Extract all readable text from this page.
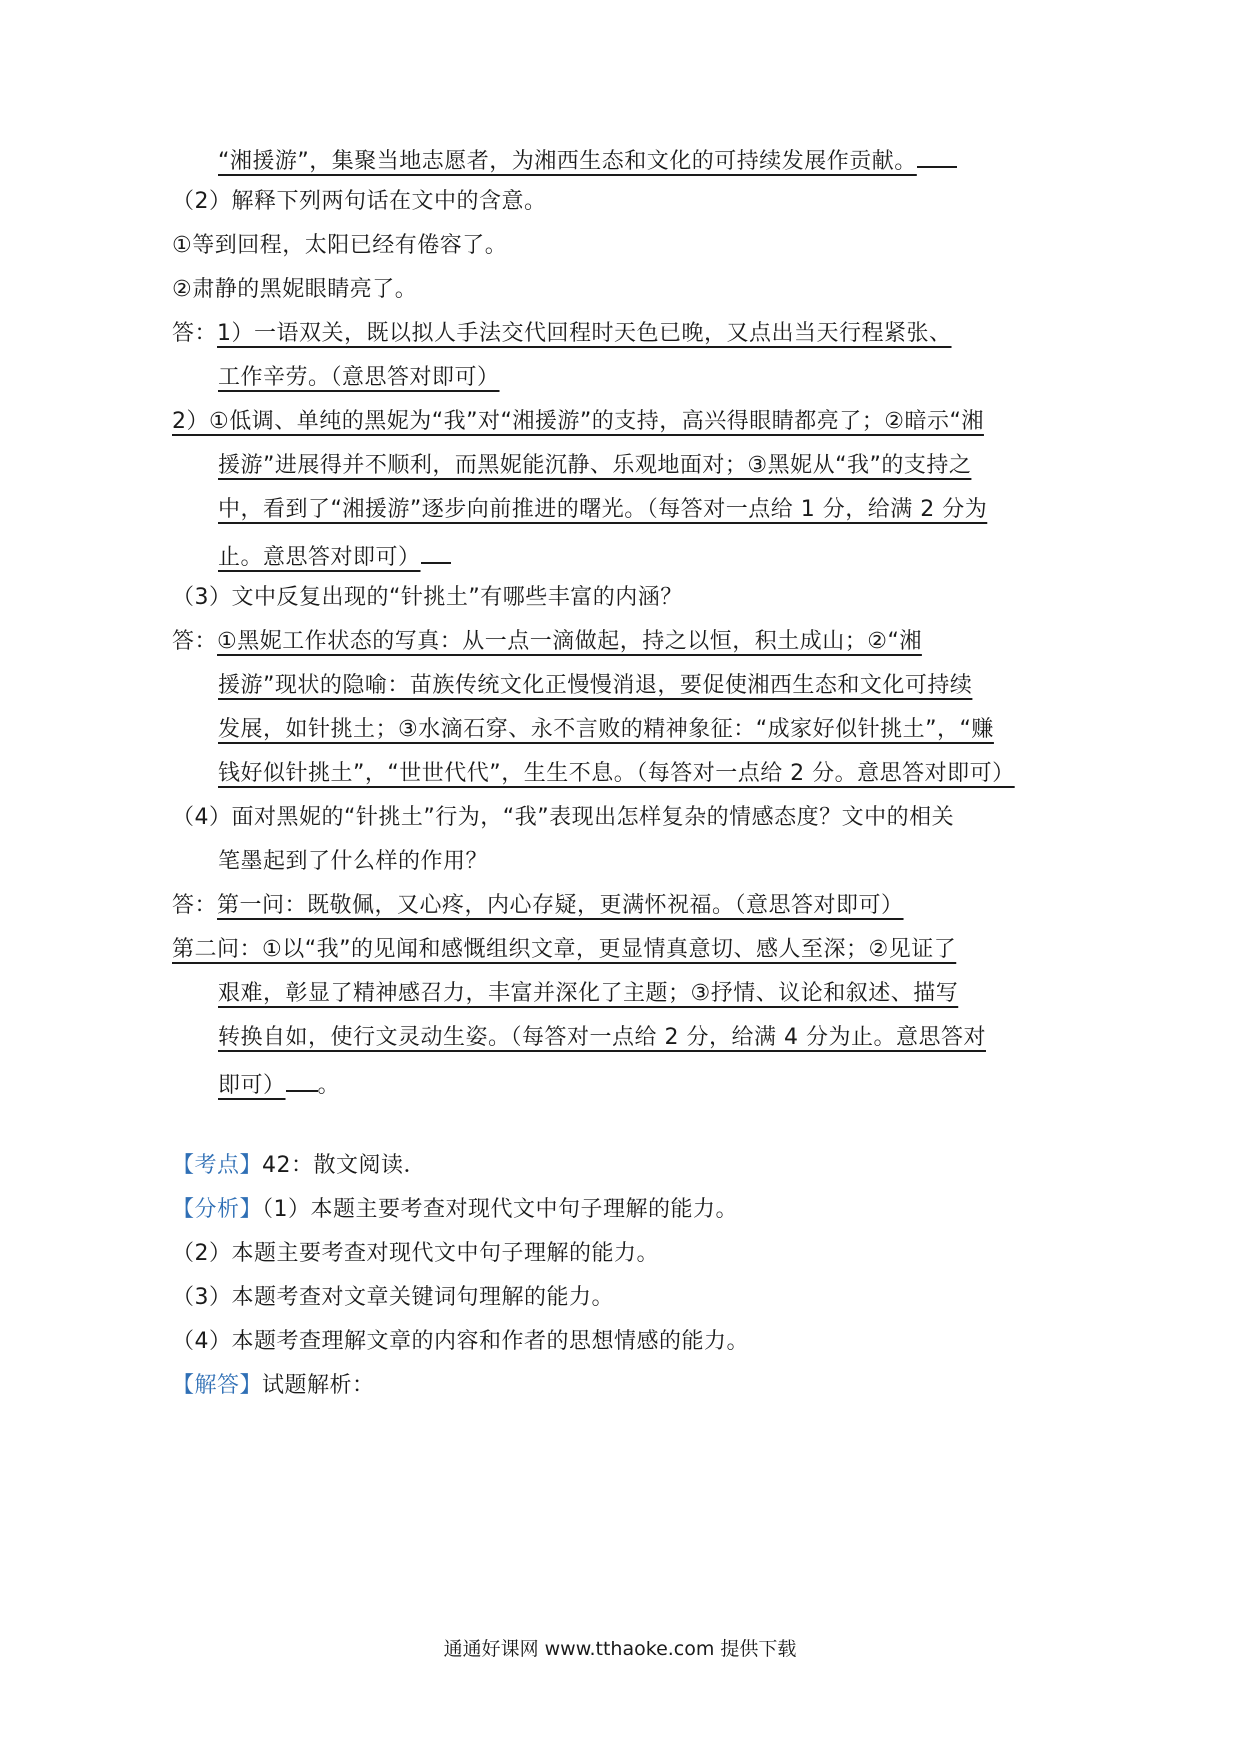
“湘援游”，集聚当地志愿者，为湘西生态和文化的可持续发展作贡献。
（2）解释下列两句话在文中的含意。
①等到回程，太阳已经有倦容了。
②肃静的黑妮眼睛亮了。
答：1）一语双关，既以拟人手法交代回程时天色已晚，又点出当天行程紧张、
工作辛劳。（意思答对即可）
2）①低调、单纯的黑妮为“我”对“湘援游”的支持，高兴得眼睛都亮了；②暗示“湘
援游”进展得并不顺利，而黑妮能沉静、乐观地面对；③黑妮从“我”的支持之
中，看到了“湘援游”逐步向前推进的曙光。（每答对一点给 1 分，给满 2 分为
止。意思答对即可）
（3）文中反复出现的“针挑土”有哪些丰富的内涵？
答：①黑妮工作状态的写真：从一点一滴做起，持之以恒，积土成山；②“湘
援游”现状的隐喻：苗族传统文化正慢慢消退，要促使湘西生态和文化可持续
发展，如针挑土；③水滴石穿、永不言败的精神象征：“成家好似针挑土”，“赚
钱好似针挑土”，“世世代代”，生生不息。（每答对一点给 2 分。意思答对即可）
（4）面对黑妮的“针挑土”行为，“我”表现出怎样复杂的情感态度？文中的相关
笔墨起到了什么样的作用？
答：第一问：既敬佩，又心疼，内心存疑，更满怀祝福。（意思答对即可）
第二问：①以“我”的见闻和感慨组织文章，更显情真意切、感人至深；②见证了
艰难，彰显了精神感召力，丰富并深化了主题；③抒情、议论和叙述、描写
转换自如，使行文灵动生姿。（每答对一点给 2 分，给满 4 分为止。意思答对
即可） 。
【考点】42：散文阅读．
【分析】（1）本题主要考查对现代文中句子理解的能力。
（2）本题主要考查对现代文中句子理解的能力。
（3）本题考查对文章关键词句理解的能力。
（4）本题考查理解文章的内容和作者的思想情感的能力。
【解答】试题解析：
通通好课网 www.tthaoke.com 提供下载
